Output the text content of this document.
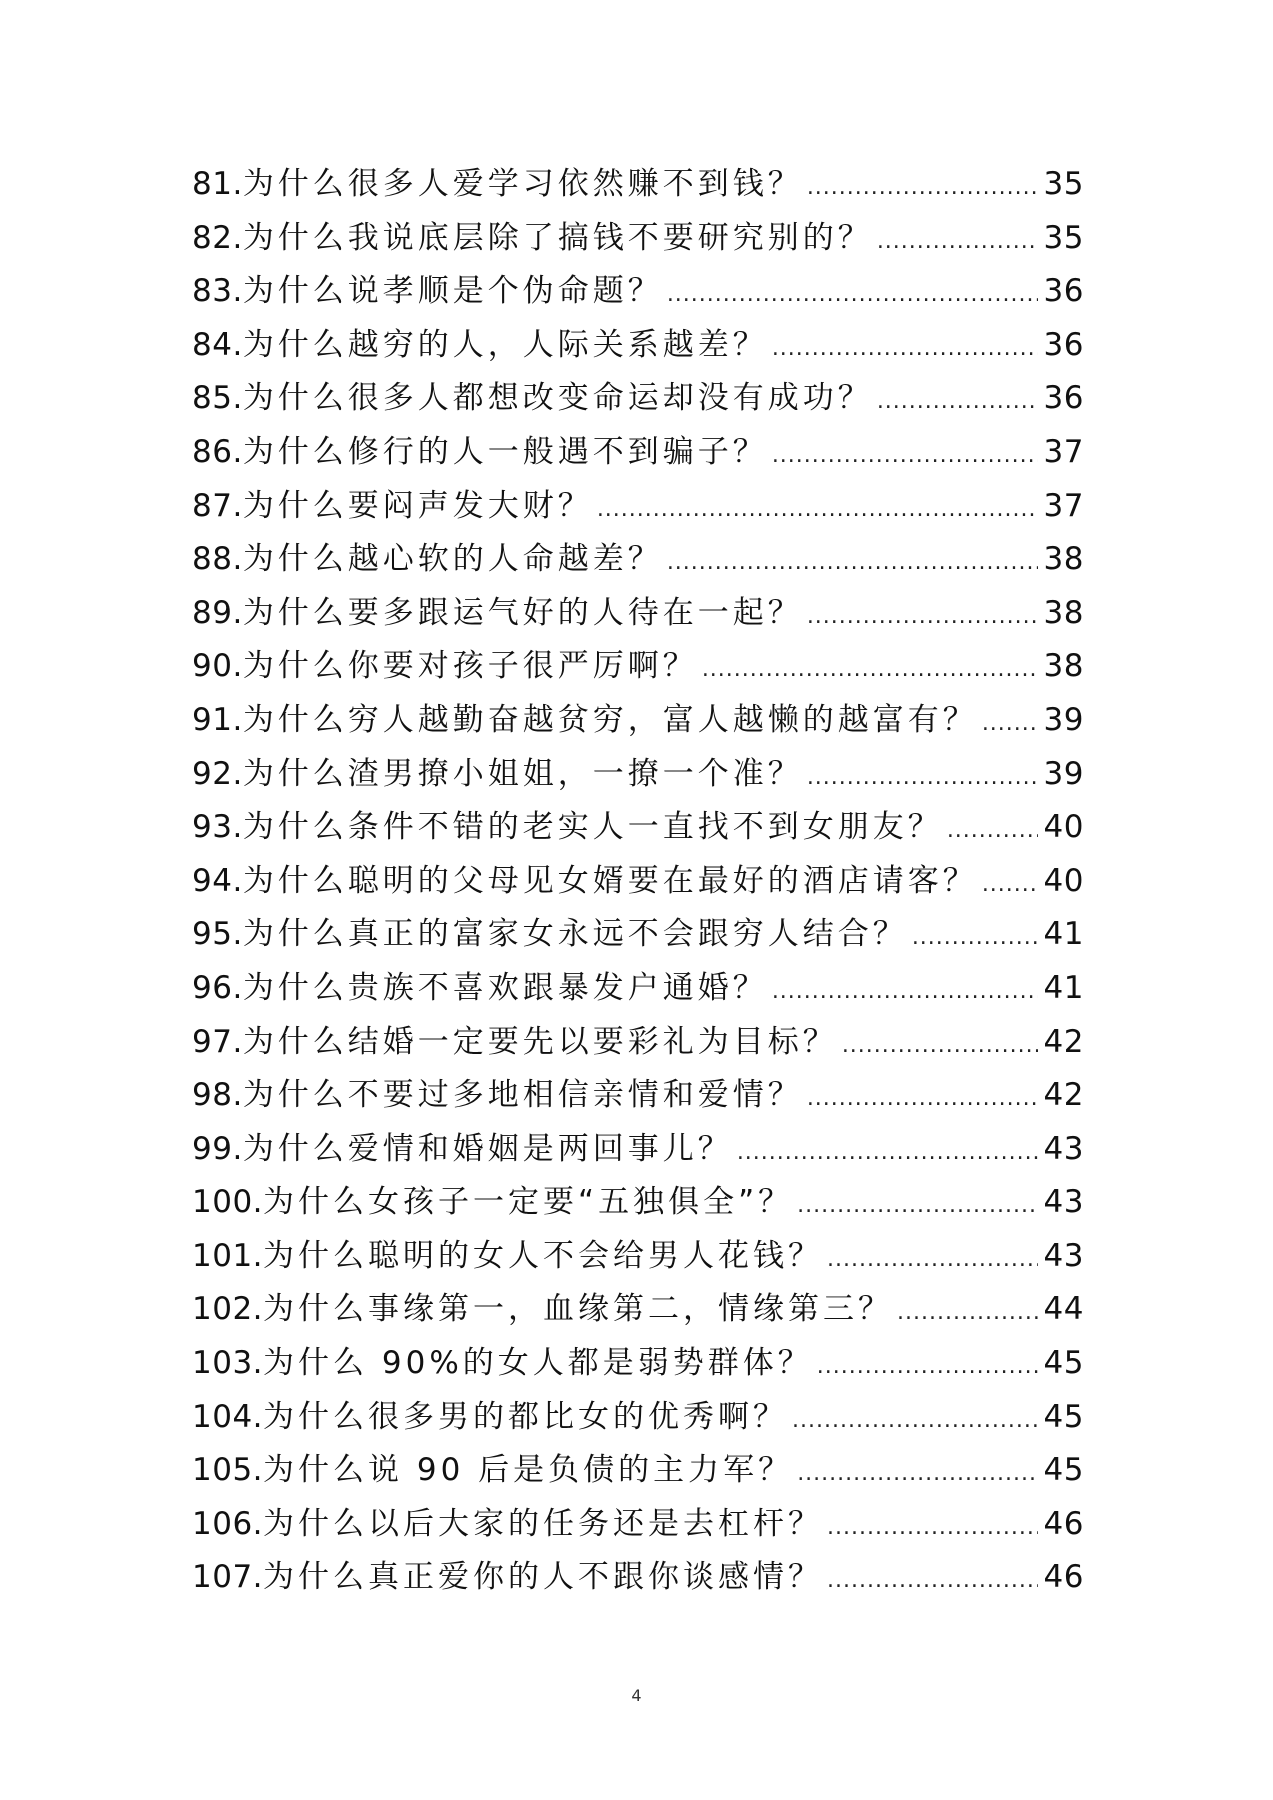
81. 为什么很多人爱学习依然赚不到钱？ .....	35
82. 为什么我说底层除了搞钱不要研究别的？ .....	35
83. 为什么说孝顺是个伪命题？ .....	36
84. 为什么越穷的人，人际关系越差？ .....	36
85. 为什么很多人都想改变命运却没有成功？ .....	36
86. 为什么修行的人一般遇不到骗子？ .....	37
87. 为什么要闷声发大财？ .....	37
88. 为什么越心软的人命越差？ .....	38
89. 为什么要多跟运气好的人待在一起？ .....	38
90. 为什么你要对孩子很严厉啊？ .....	38
91. 为什么穷人越勤奋越贫穷，富人越懒的越富有？ ..... 39
92. 为什么渣男撩小姐姐，一撩一个准？ .....	39
93. 为什么条件不错的老实人一直找不到女朋友？ .....	40
94. 为什么聪明的父母见女婿要在最好的酒店请客？ ..... 40
95. 为什么真正的富家女永远不会跟穷人结合？ .....	41
96. 为什么贵族不喜欢跟暴发户通婚？ .....	41
97. 为什么结婚一定要先以要彩礼为目标？ .....	42
98. 为什么不要过多地相信亲情和爱情？ .....	42
99. 为什么爱情和婚姻是两回事儿？ .....	43
100. 为什么女孩子一定要“五独俱全”？ .....	43
101. 为什么聪明的女人不会给男人花钱？ .....	43
102. 为什么事缘第一，血缘第二，情缘第三？ .....	44
103. 为什么 90%的女人都是弱势群体？ .....	45
104. 为什么很多男的都比女的优秀啊？ .....	45
105. 为什么说 90 后是负债的主力军？ .....	45
106. 为什么以后大家的任务还是去杠杆？ .....	46
107. 为什么真正爱你的人不跟你谈感情？ .....	46
4
